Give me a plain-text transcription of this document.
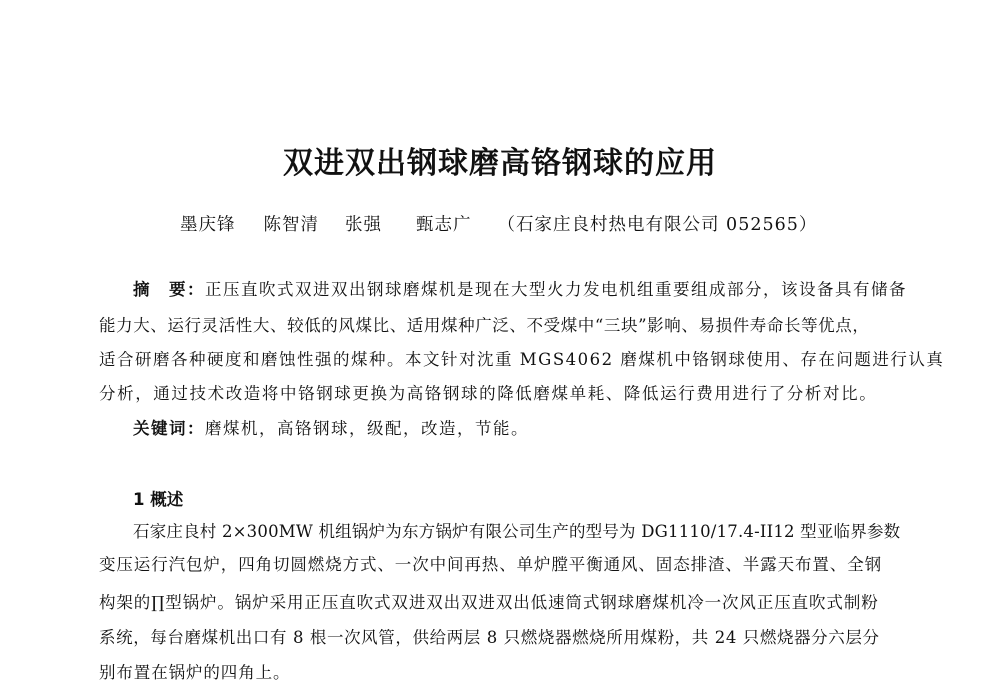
双进双出钢球磨高铬钢球的应用
墨庆锋 陈智清 张强 甄志广 （石家庄良村热电有限公司 052565）
摘　要：正压直吹式双进双出钢球磨煤机是现在大型火力发电机组重要组成部分，该设备具有储备
能力大、运行灵活性大、较低的风煤比、适用煤种广泛、不受煤中“三块”影响、易损件寿命长等优点，
适合研磨各种硬度和磨蚀性强的煤种。本文针对沈重 MGS4062 磨煤机中铬钢球使用、存在问题进行认真
分析，通过技术改造将中铬钢球更换为高铬钢球的降低磨煤单耗、降低运行费用进行了分析对比。
关键词：磨煤机，高铬钢球，级配，改造，节能。
1 概述
石家庄良村 2×300MW 机组锅炉为东方锅炉有限公司生产的型号为 DG1110/17.4-II12 型亚临界参数
变压运行汽包炉，四角切圆燃烧方式、一次中间再热、单炉膛平衡通风、固态排渣、半露天布置、全钢
构架的∏型锅炉。锅炉采用正压直吹式双进双出双进双出低速筒式钢球磨煤机冷一次风正压直吹式制粉
系统，每台磨煤机出口有 8 根一次风管，供给两层 8 只燃烧器燃烧所用煤粉，共 24 只燃烧器分六层分
别布置在锅炉的四角上。
